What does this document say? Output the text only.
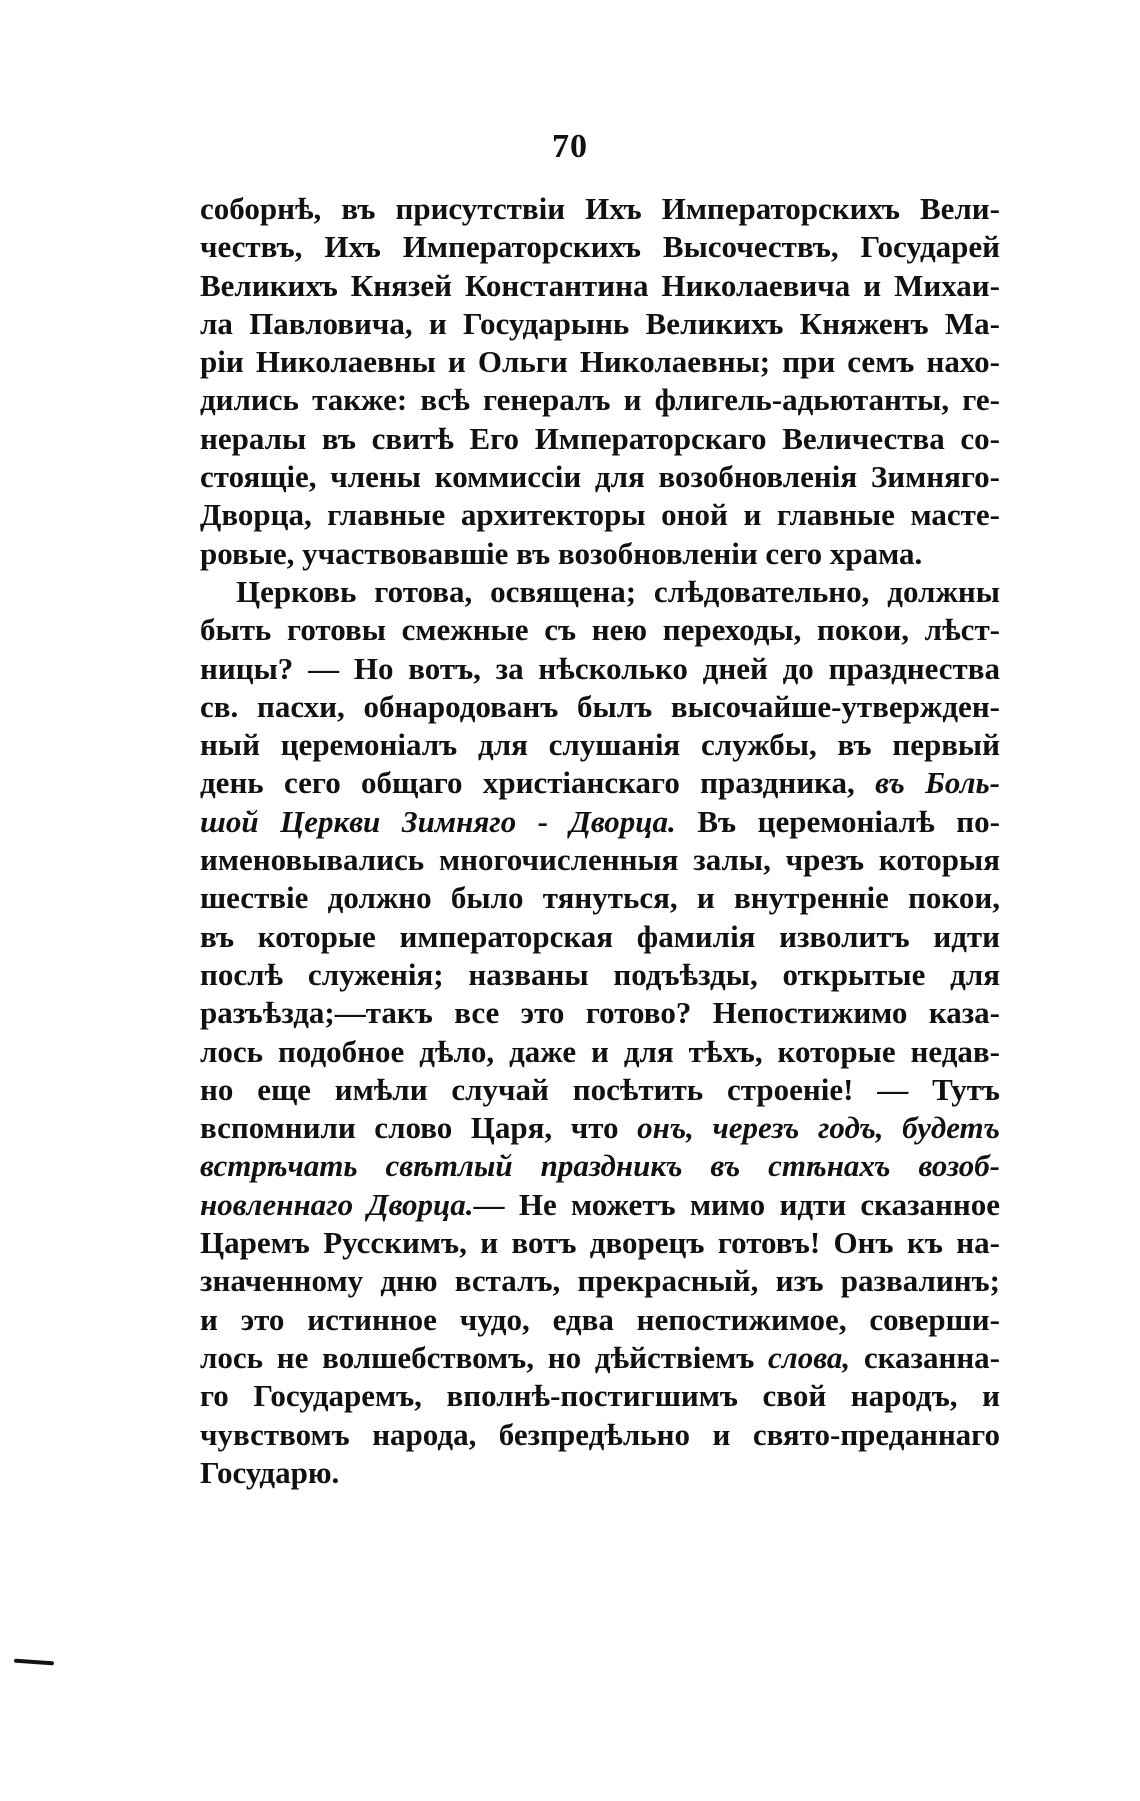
70
соборнѣ, въ присутствіи Ихъ Императорскихъ Вели-
чествъ, Ихъ Императорскихъ Высочествъ, Государей
Великихъ Князей Константина Николаевича и Михаи-
ла Павловича, и Государынь Великихъ Княженъ Ма-
ріи Николаевны и Ольги Николаевны; при семъ нахо-
дились также: всѣ генералъ и флигель-адьютанты, ге-
нералы въ свитѣ Его Императорскаго Величества со-
стоящіе, члены коммиссіи для возобновленія Зимняго-
Дворца, главные архитекторы оной и главные масте-
ровые, участвовавшіе въ возобновленіи сего храма.
Церковь готова, освящена; слѣдовательно, должны
быть готовы смежные съ нею переходы, покои, лѣст-
ницы? — Но вотъ, за нѣсколько дней до празднества
св. пасхи, обнародованъ былъ высочайше-утвержден-
ный церемоніалъ для слушанія службы, въ первый
день сего общаго христіанскаго праздника, въ Боль-
шой Церкви Зимняго - Дворца. Въ церемоніалѣ по-
именовывались многочисленныя залы, чрезъ которыя
шествіе должно было тянуться, и внутренніе покои,
въ которые императорская фамилія изволитъ идти
послѣ служенія; названы подъѣзды, открытые для
разъѣзда;—такъ все это готово? Непостижимо каза-
лось подобное дѣло, даже и для тѣхъ, которые недав-
но еще имѣли случай посѣтить строеніе! — Тутъ
вспомнили слово Царя, что онъ, черезъ годъ, будетъ
встрѣчать свѣтлый праздникъ въ стѣнахъ возоб-
новленнаго Дворца.— Не можетъ мимо идти сказанное
Царемъ Русскимъ, и вотъ дворецъ готовъ! Онъ къ на-
значенному дню всталъ, прекрасный, изъ развалинъ;
и это истинное чудо, едва непостижимое, соверши-
лось не волшебствомъ, но дѣйствіемъ слова, сказанна-
го Государемъ, вполнѣ-постигшимъ свой народъ, и
чувствомъ народа, безпредѣльно и свято-преданнаго
Государю.
